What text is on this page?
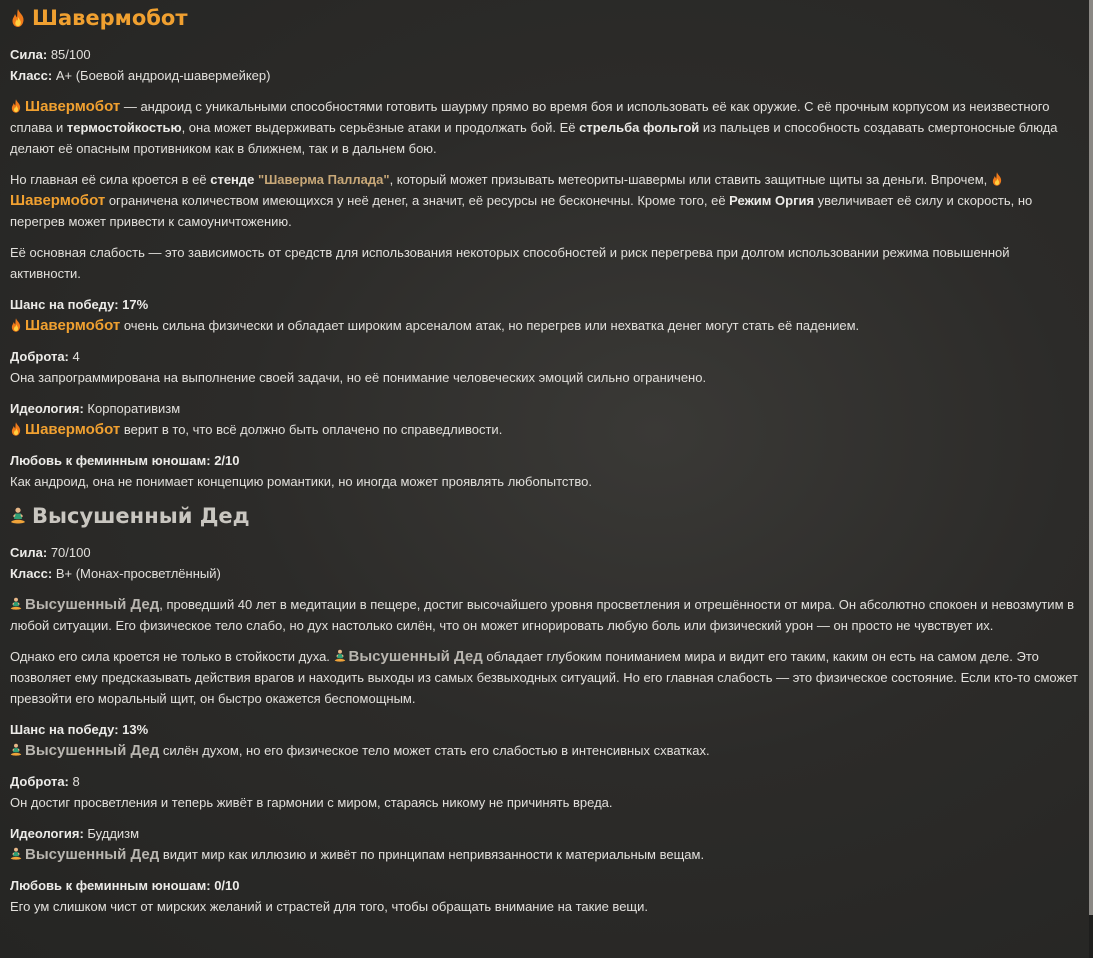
Шавермобот
Сила: 85/100
Класс: A+ (Боевой андроид-шавермейкер)

Шавермобот — андроид с уникальными способностями готовить шаурму прямо во время боя и использовать её как оружие. С её прочным корпусом из неизвестного сплава и термостойкостью, она может выдерживать серьёзные атаки и продолжать бой. Её стрельба фольгой из пальцев и способность создавать смертоносные блюда делают её опасным противником как в ближнем, так и в дальнем бою.

Но главная её сила кроется в её стенде "Шаверма Паллада", который может призывать метеориты-шавермы или ставить защитные щиты за деньги. Впрочем, Шавермобот ограничена количеством имеющихся у неё денег, а значит, её ресурсы не бесконечны. Кроме того, её Режим Оргия увеличивает её силу и скорость, но перегрев может привести к самоуничтожению.

Её основная слабость — это зависимость от средств для использования некоторых способностей и риск перегрева при долгом использовании режима повышенной активности.

Шанс на победу: 17%

Шавермобот очень сильна физически и обладает широким арсеналом атак, но перегрев или нехватка денег могут стать её падением.

Доброта: 4

Она запрограммирована на выполнение своей задачи, но её понимание человеческих эмоций сильно ограничено.

Идеология: Корпоративизм

Шавермобот верит в то, что всё должно быть оплачено по справедливости.

Любовь к феминным юношам: 2/10

Как андроид, она не понимает концепцию романтики, но иногда может проявлять любопытство.

Высушенный Дед
Сила: 70/100
Класс: B+ (Монах-просветлённый)

Высушенный Дед, проведший 40 лет в медитации в пещере, достиг высочайшего уровня просветления и отрешённости от мира. Он абсолютно спокоен и невозмутим в любой ситуации. Его физическое тело слабо, но дух настолько силён, что он может игнорировать любую боль или физический урон — он просто не чувствует их.

Однако его сила кроется не только в стойкости духа. Высушенный Дед обладает глубоким пониманием мира и видит его таким, каким он есть на самом деле. Это позволяет ему предсказывать действия врагов и находить выходы из самых безвыходных ситуаций. Но его главная слабость — это физическое состояние. Если кто-то сможет превзойти его моральный щит, он быстро окажется беспомощным.

Шанс на победу: 13%

Высушенный Дед силён духом, но его физическое тело может стать его слабостью в интенсивных схватках.

Доброта: 8

Он достиг просветления и теперь живёт в гармонии с миром, стараясь никому не причинять вреда.

Идеология: Буддизм

Высушенный Дед видит мир как иллюзию и живёт по принципам непривязанности к материальным вещам.

Любовь к феминным юношам: 0/10

Его ум слишком чист от мирских желаний и страстей для того, чтобы обращать внимание на такие вещи.
